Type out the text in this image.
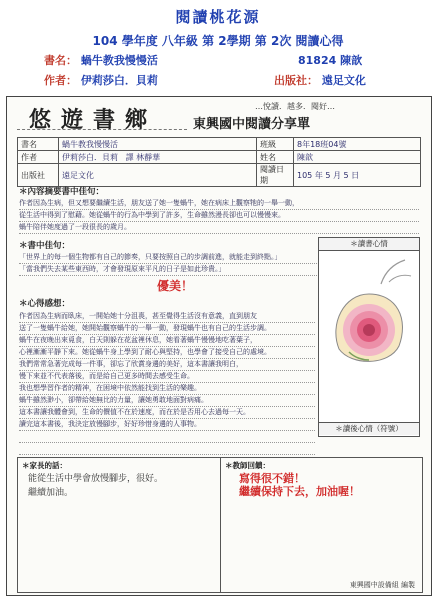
閱讀桃花源
104 學年度 八年級 第 2學期 第 2次 閱讀心得
書名： 蝸牛教我慢慢活	81824 陳歆
作者： 伊莉莎白．貝莉	出版社： 遠足文化
悠遊書鄉
…悅讀．越多．閱好…
東興國中閱讀分享單
書名	蝸牛教我慢慢活	班級	8年18班04號
作者	伊莉莎白．貝莉 譯 林靜華	姓名	陳歆
出版社	遠足文化	閱讀日期	105 年 5 月 5 日
＊內容摘要書中佳句：
作者因為生病，但又想要繼續生活，朋友送了她一隻蝸牛，她在病床上觀察牠的一舉一動，
從生活中得到了慰藉。她從蝸牛的行為中學到了許多，生命雖然漫長卻也可以慢慢來。
蝸牛陪伴她度過了一段很長的歲月。
＊書中佳句：
「世界上的每一個生物都有自己的節奏，只要按照自己的步調前進，就能走到終點。」
「當我們失去某些東西時，才會發現原來平凡的日子是如此珍貴。」
優美！
＊心得感想：
作者因為生病而臥床，一開始她十分沮喪，甚至覺得生活沒有意義，直到朋友
送了一隻蝸牛給她，她開始觀察蝸牛的一舉一動，發現蝸牛也有自己的生活步調。
蝸牛在夜晚出來覓食，白天則躲在花盆裡休息，她看著蝸牛慢慢地吃著葉子，
心裡漸漸平靜下來。她從蝸牛身上學到了耐心與堅持，也學會了接受自己的處境。
我們常常急著完成每一件事，卻忘了欣賞身邊的美好，這本書讓我明白，
慢下來並不代表落後，而是給自己更多時間去感受生命。
我也想學習作者的精神，在困境中依然能找到生活的樂趣。
蝸牛雖然渺小，卻帶給她無比的力量，讓她勇敢地面對病痛。
這本書讓我體會到，生命的價值不在於速度，而在於是否用心去過每一天。
讀完這本書後，我決定放慢腳步，好好珍惜身邊的人事物。
＊讀書心情
＊讀後心情（符號）
＊家長的話：
能從生活中學會放慢腳步，很好。
繼續加油。
＊教師回饋：
寫得很不錯！
繼續保持下去，加油喔！
東興國中設備組 編製
